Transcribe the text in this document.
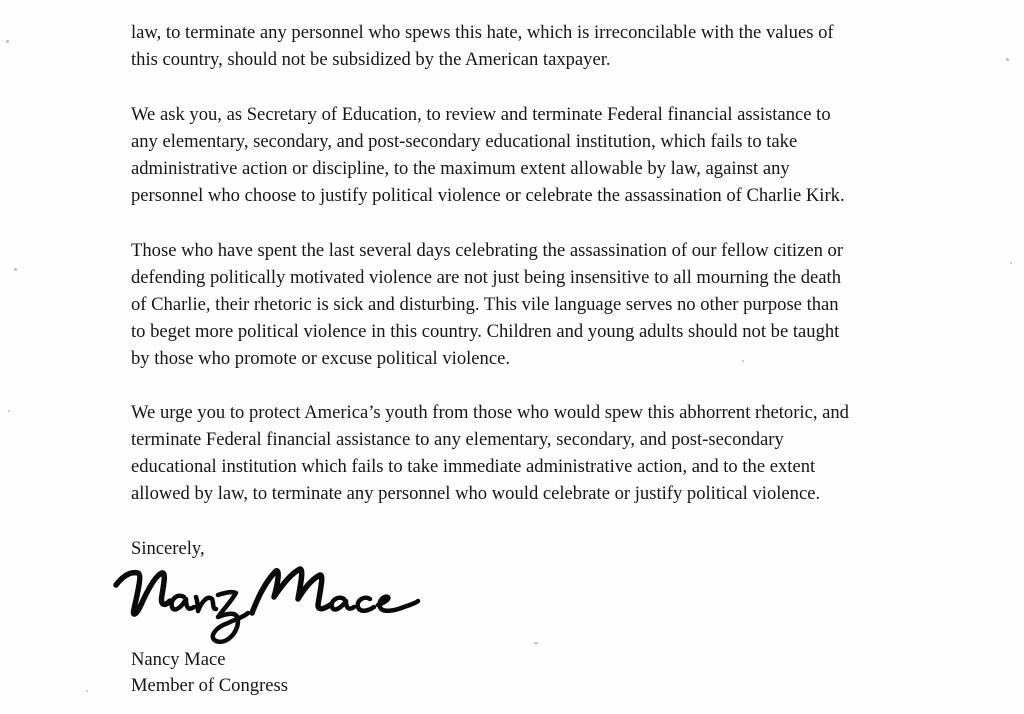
law, to terminate any personnel who spews this hate, which is irreconcilable with the values of
this country, should not be subsidized by the American taxpayer.
We ask you, as Secretary of Education, to review and terminate Federal financial assistance to
any elementary, secondary, and post-secondary educational institution, which fails to take
administrative action or discipline, to the maximum extent allowable by law, against any
personnel who choose to justify political violence or celebrate the assassination of Charlie Kirk.
Those who have spent the last several days celebrating the assassination of our fellow citizen or
defending politically motivated violence are not just being insensitive to all mourning the death
of Charlie, their rhetoric is sick and disturbing. This vile language serves no other purpose than
to beget more political violence in this country. Children and young adults should not be taught
by those who promote or excuse political violence.
We urge you to protect America’s youth from those who would spew this abhorrent rhetoric, and
terminate Federal financial assistance to any elementary, secondary, and post-secondary
educational institution which fails to take immediate administrative action, and to the extent
allowed by law, to terminate any personnel who would celebrate or justify political violence.
Sincerely,
Nancy Mace
Member of Congress
